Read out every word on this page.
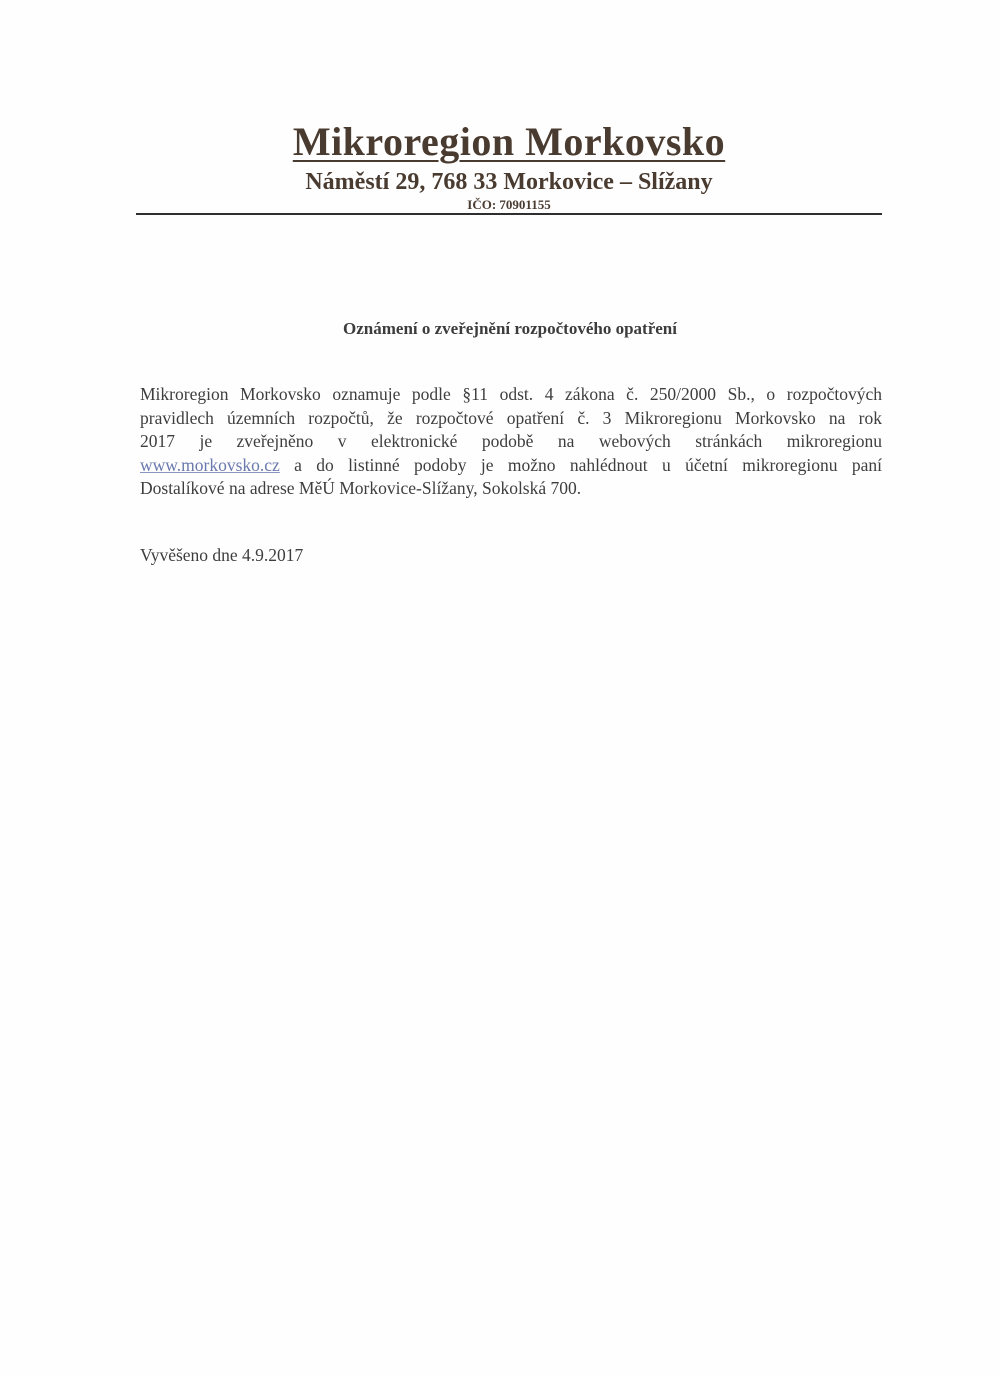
Mikroregion Morkovsko
Náměstí 29, 768 33 Morkovice – Slížany
IČO: 70901155
Oznámení o zveřejnění rozpočtového opatření
Mikroregion Morkovsko oznamuje podle §11 odst. 4 zákona č. 250/2000 Sb., o rozpočtových
pravidlech územních rozpočtů, že rozpočtové opatření č. 3 Mikroregionu Morkovsko na rok
2017 je zveřejněno v elektronické podobě na webových stránkách mikroregionu
www.morkovsko.cz a do listinné podoby je možno nahlédnout u účetní mikroregionu paní
Dostalíkové na adrese MěÚ Morkovice-Slížany, Sokolská 700.
Vyvěšeno dne 4.9.2017
